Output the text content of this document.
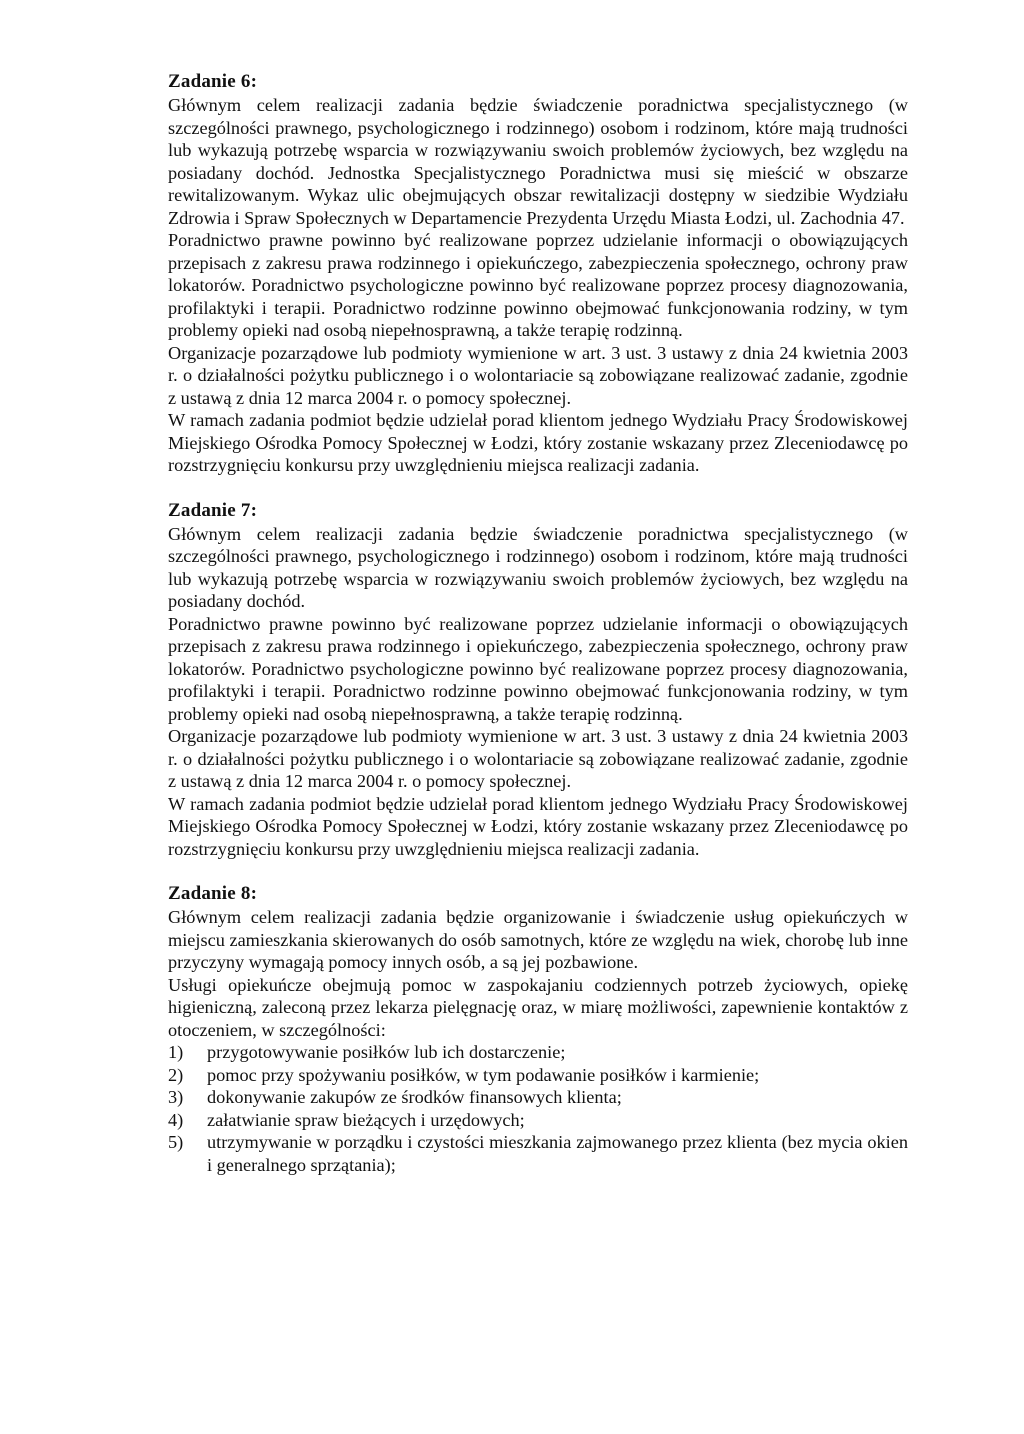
Zadanie 6:

Głównym celem realizacji zadania będzie świadczenie poradnictwa specjalistycznego (w szczególności prawnego, psychologicznego i rodzinnego) osobom i rodzinom, które mają trudności lub wykazują potrzebę wsparcia w rozwiązywaniu swoich problemów życiowych, bez względu na posiadany dochód. Jednostka Specjalistycznego Poradnictwa musi się mieścić w obszarze rewitalizowanym. Wykaz ulic obejmujących obszar rewitalizacji dostępny w siedzibie Wydziału Zdrowia i Spraw Społecznych w Departamencie Prezydenta Urzędu Miasta Łodzi, ul. Zachodnia 47.

Poradnictwo prawne powinno być realizowane poprzez udzielanie informacji o obowiązujących przepisach z zakresu prawa rodzinnego i opiekuńczego, zabezpieczenia społecznego, ochrony praw lokatorów. Poradnictwo psychologiczne powinno być realizowane poprzez procesy diagnozowania, profilaktyki i terapii. Poradnictwo rodzinne powinno obejmować funkcjonowania rodziny, w tym problemy opieki nad osobą niepełnosprawną, a także terapię rodzinną.

Organizacje pozarządowe lub podmioty wymienione w art. 3 ust. 3 ustawy z dnia 24 kwietnia 2003 r. o działalności pożytku publicznego i o wolontariacie są zobowiązane realizować zadanie, zgodnie z ustawą z dnia 12 marca 2004 r. o pomocy społecznej.

W ramach zadania podmiot będzie udzielał porad klientom jednego Wydziału Pracy Środowiskowej Miejskiego Ośrodka Pomocy Społecznej w Łodzi, który zostanie wskazany przez Zleceniodawcę po rozstrzygnięciu konkursu przy uwzględnieniu miejsca realizacji zadania.

Zadanie 7:

Głównym celem realizacji zadania będzie świadczenie poradnictwa specjalistycznego (w szczególności prawnego, psychologicznego i rodzinnego) osobom i rodzinom, które mają trudności lub wykazują potrzebę wsparcia w rozwiązywaniu swoich problemów życiowych, bez względu na posiadany dochód.

Poradnictwo prawne powinno być realizowane poprzez udzielanie informacji o obowiązujących przepisach z zakresu prawa rodzinnego i opiekuńczego, zabezpieczenia społecznego, ochrony praw lokatorów. Poradnictwo psychologiczne powinno być realizowane poprzez procesy diagnozowania, profilaktyki i terapii. Poradnictwo rodzinne powinno obejmować funkcjonowania rodziny, w tym problemy opieki nad osobą niepełnosprawną, a także terapię rodzinną.

Organizacje pozarządowe lub podmioty wymienione w art. 3 ust. 3 ustawy z dnia 24 kwietnia 2003 r. o działalności pożytku publicznego i o wolontariacie są zobowiązane realizować zadanie, zgodnie z ustawą z dnia 12 marca 2004 r. o pomocy społecznej.

W ramach zadania podmiot będzie udzielał porad klientom jednego Wydziału Pracy Środowiskowej Miejskiego Ośrodka Pomocy Społecznej w Łodzi, który zostanie wskazany przez Zleceniodawcę po rozstrzygnięciu konkursu przy uwzględnieniu miejsca realizacji zadania.

Zadanie 8:

Głównym celem realizacji zadania będzie organizowanie i świadczenie usług opiekuńczych w miejscu zamieszkania skierowanych do osób samotnych, które ze względu na wiek, chorobę lub inne przyczyny wymagają pomocy innych osób, a są jej pozbawione.

Usługi opiekuńcze obejmują pomoc w zaspokajaniu codziennych potrzeb życiowych, opiekę higieniczną, zaleconą przez lekarza pielęgnację oraz, w miarę możliwości, zapewnienie kontaktów z otoczeniem, w szczególności:

1) przygotowywanie posiłków lub ich dostarczenie;
2) pomoc przy spożywaniu posiłków, w tym podawanie posiłków i karmienie;
3) dokonywanie zakupów ze środków finansowych klienta;
4) załatwianie spraw bieżących i urzędowych;
5) utrzymywanie w porządku i czystości mieszkania zajmowanego przez klienta (bez mycia okien i generalnego sprzątania);
